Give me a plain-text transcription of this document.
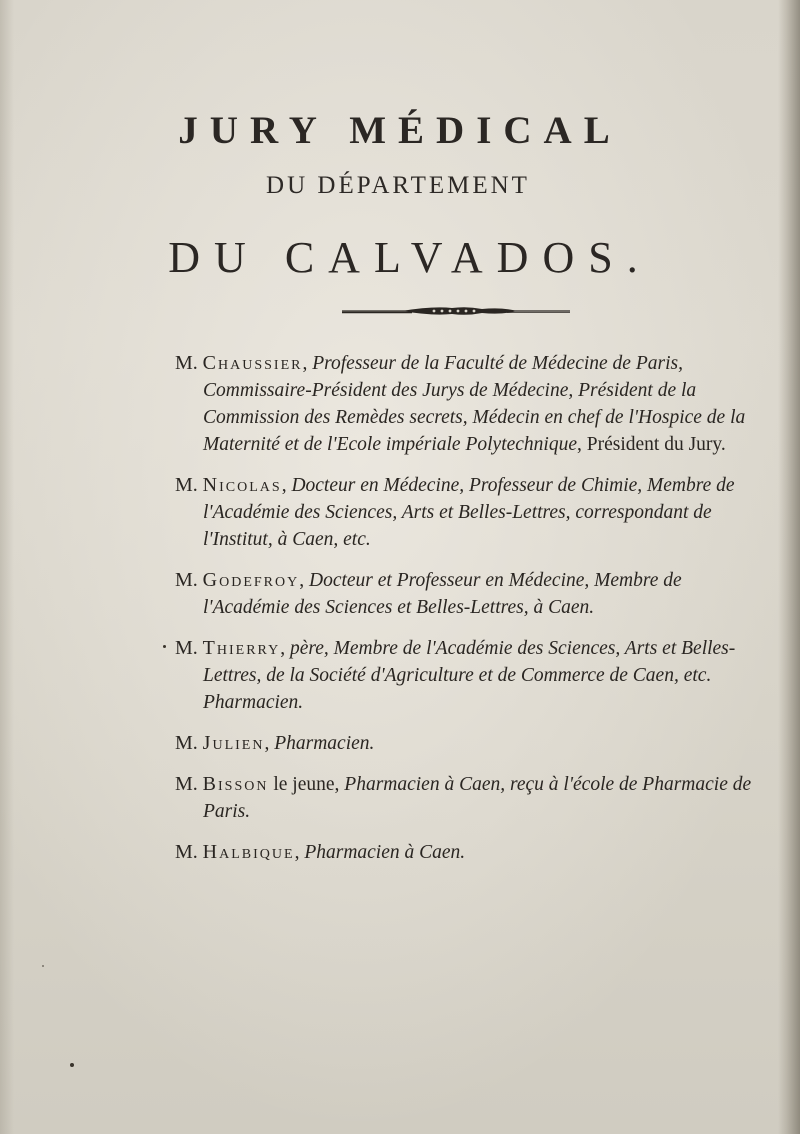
JURY MÉDICAL
DU DÉPARTEMENT
DU CALVADOS.
M. Chaussier, Professeur de la Faculté de Médecine de Paris, Commissaire-Président des Jurys de Médecine, Président de la Commission des Remèdes secrets, Médecin en chef de l'Hospice de la Maternité et de l'Ecole impériale Polytechnique, Président du Jury.
M. Nicolas, Docteur en Médecine, Professeur de Chimie, Membre de l'Académie des Sciences, Arts et Belles-Lettres, correspondant de l'Institut, à Caen, etc.
M. Godefroy, Docteur et Professeur en Médecine, Membre de l'Académie des Sciences et Belles-Lettres, à Caen.
M. Thierry, père, Membre de l'Académie des Sciences, Arts et Belles-Lettres, de la Société d'Agriculture et de Commerce de Caen, etc. Pharmacien.
M. Julien, Pharmacien.
M. Bisson le jeune, Pharmacien à Caen, reçu à l'école de Pharmacie de Paris.
M. Halbique, Pharmacien à Caen.
